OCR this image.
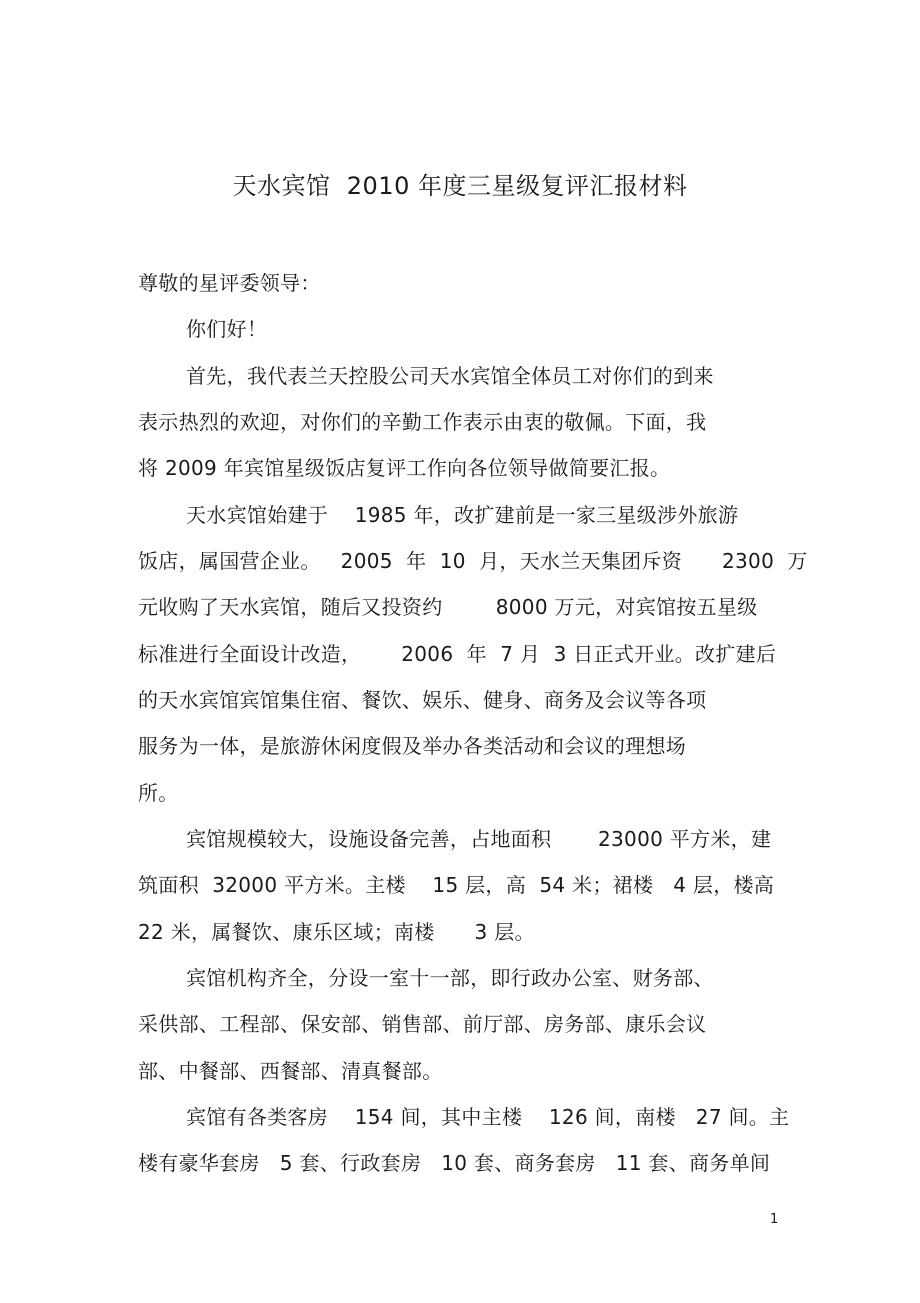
天水宾馆  2010 年度三星级复评汇报材料
尊敬的星评委领导：
你们好！
首先，我代表兰天控股公司天水宾馆全体员工对你们的到来
表示热烈的欢迎，对你们的辛勤工作表示由衷的敬佩。下面，我
将 2009 年宾馆星级饭店复评工作向各位领导做简要汇报。
天水宾馆始建于    1985 年，改扩建前是一家三星级涉外旅游
饭店，属国营企业。   2005  年  10  月，天水兰天集团斥资      2300  万
元收购了天水宾馆，随后又投资约        8000 万元，对宾馆按五星级
标准进行全面设计改造，      2006  年  7 月  3 日正式开业。改扩建后
的天水宾馆宾馆集住宿、餐饮、娱乐、健身、商务及会议等各项
服务为一体，是旅游休闲度假及举办各类活动和会议的理想场
所。
宾馆规模较大，设施设备完善，占地面积       23000 平方米，建
筑面积  32000 平方米。主楼    15 层，高  54 米；裙楼   4 层，楼高
22 米，属餐饮、康乐区域；南楼      3 层。
宾馆机构齐全，分设一室十一部，即行政办公室、财务部、
采供部、工程部、保安部、销售部、前厅部、房务部、康乐会议
部、中餐部、西餐部、清真餐部。
宾馆有各类客房    154 间，其中主楼    126 间，南楼   27 间。主
楼有豪华套房   5 套、行政套房   10 套、商务套房   11 套、商务单间
1
